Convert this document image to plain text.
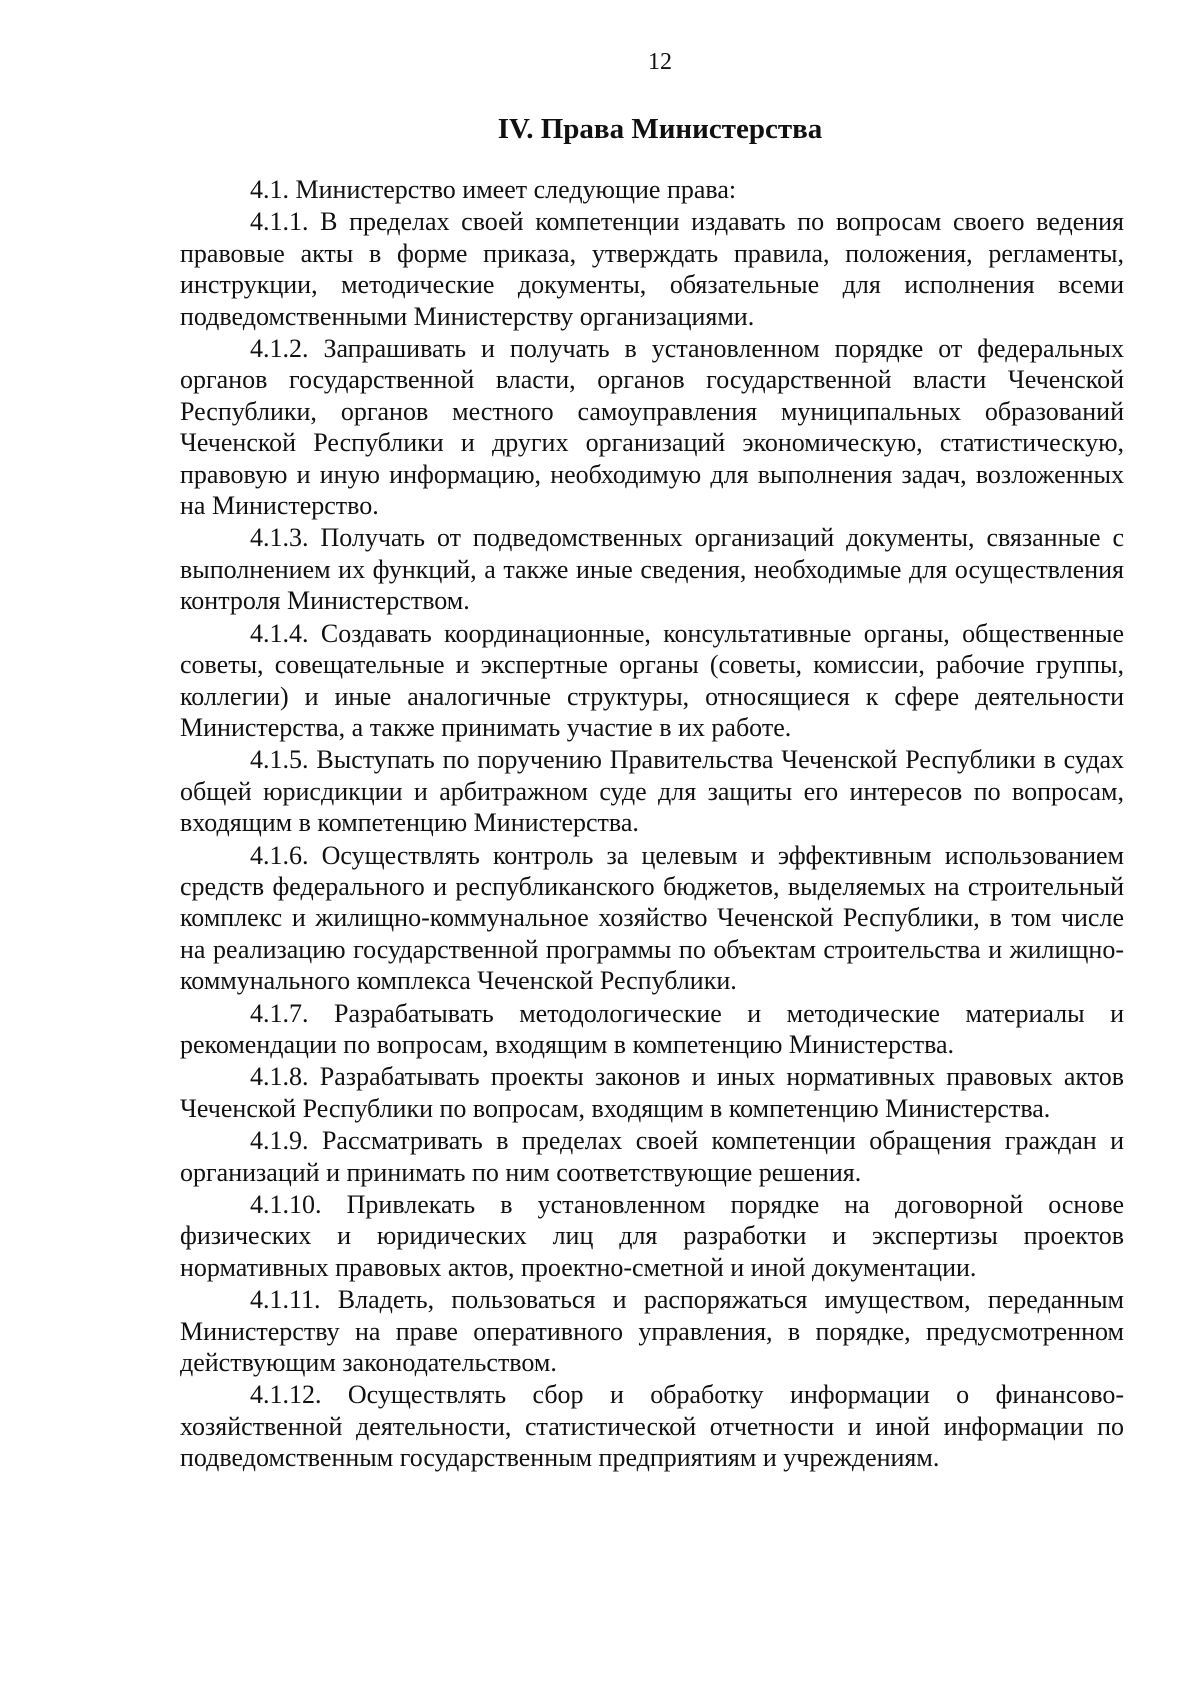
12
IV. Права Министерства

4.1. Министерство имеет следующие права:

4.1.1. В пределах своей компетенции издавать по вопросам своего ведения правовые акты в форме приказа, утверждать правила, положения, регламенты, инструкции, методические документы, обязательные для исполнения всеми подведомственными Министерству организациями.

4.1.2. Запрашивать и получать в установленном порядке от федеральных органов государственной власти, органов государственной власти Чеченской Республики, органов местного самоуправления муниципальных образований Чеченской Республики и других организаций экономическую, статистическую, правовую и иную информацию, необходимую для выполнения задач, возложенных на Министерство.

4.1.3. Получать от подведомственных организаций документы, связанные с выполнением их функций, а также иные сведения, необходимые для осуществления контроля Министерством.

4.1.4. Создавать координационные, консультативные органы, общественные советы, совещательные и экспертные органы (советы, комиссии, рабочие группы, коллегии) и иные аналогичные структуры, относящиеся к сфере деятельности Министерства, а также принимать участие в их работе.

4.1.5. Выступать по поручению Правительства Чеченской Республики в судах общей юрисдикции и арбитражном суде для защиты его интересов по вопросам, входящим в компетенцию Министерства.

4.1.6. Осуществлять контроль за целевым и эффективным использованием средств федерального и республиканского бюджетов, выделяемых на строительный комплекс и жилищно-коммунальное хозяйство Чеченской Республики, в том числе на реализацию государственной программы по объектам строительства и жилищно-коммунального комплекса Чеченской Республики.

4.1.7. Разрабатывать методологические и методические материалы и рекомендации по вопросам, входящим в компетенцию Министерства.

4.1.8. Разрабатывать проекты законов и иных нормативных правовых актов Чеченской Республики по вопросам, входящим в компетенцию Министерства.

4.1.9. Рассматривать в пределах своей компетенции обращения граждан и организаций и принимать по ним соответствующие решения.

4.1.10. Привлекать в установленном порядке на договорной основе физических и юридических лиц для разработки и экспертизы проектов нормативных правовых актов, проектно-сметной и иной документации.

4.1.11. Владеть, пользоваться и распоряжаться имуществом, переданным Министерству на праве оперативного управления, в порядке, предусмотренном действующим законодательством.

4.1.12. Осуществлять сбор и обработку информации о финансово-хозяйственной деятельности, статистической отчетности и иной информации по подведомственным государственным предприятиям и учреждениям.
